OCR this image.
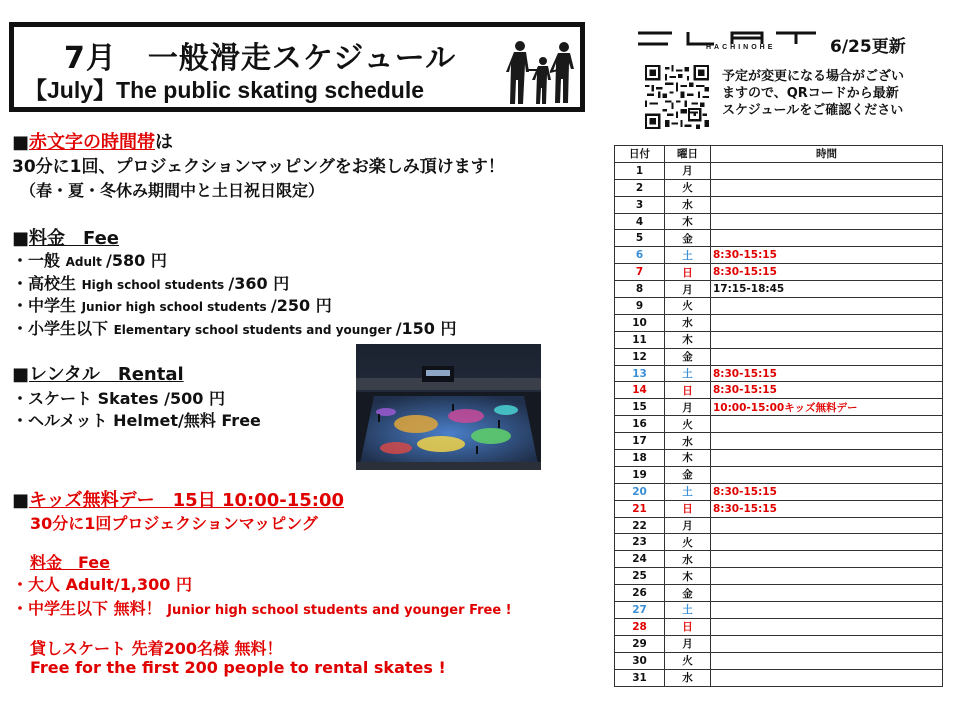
7月　一般滑走スケジュール
【July】The public skating schedule
HACHINOHE	6/25更新
予定が変更になる場合がござい
ますので、QRコードから最新
スケジュールをご確認ください
■赤文字の時間帯は
30分に1回、プロジェクションマッピングをお楽しみ頂けます！
（春・夏・冬休み期間中と土日祝日限定）
■料金　Fee
・一般 Adult /580 円
・高校生 High school students /360 円
・中学生 Junior high school students /250 円
・小学生以下 Elementary school students and younger /150 円
■レンタル　Rental
・スケート Skates /500 円
・ヘルメット Helmet/無料 Free
■キッズ無料デー　15日 10:00-15:00
30分に1回プロジェクションマッピング
料金　Fee
・大人 Adult/1,300 円
・中学生以下 無料！ Junior high school students and younger Free !
貸しスケート 先着200名様 無料！
Free for the first 200 people to rental skates !
日付	曜日	時間
1	月	
2	火	
3	水	
4	木	
5	金	
6	土	8:30-15:15
7	日	8:30-15:15
8	月	17:15-18:45
9	火	
10	水	
11	木	
12	金	
13	土	8:30-15:15
14	日	8:30-15:15
15	月	10:00-15:00キッズ無料デー
16	火	
17	水	
18	木	
19	金	
20	土	8:30-15:15
21	日	8:30-15:15
22	月	
23	火	
24	水	
25	木	
26	金	
27	土	
28	日	
29	月	
30	火	
31	水	
